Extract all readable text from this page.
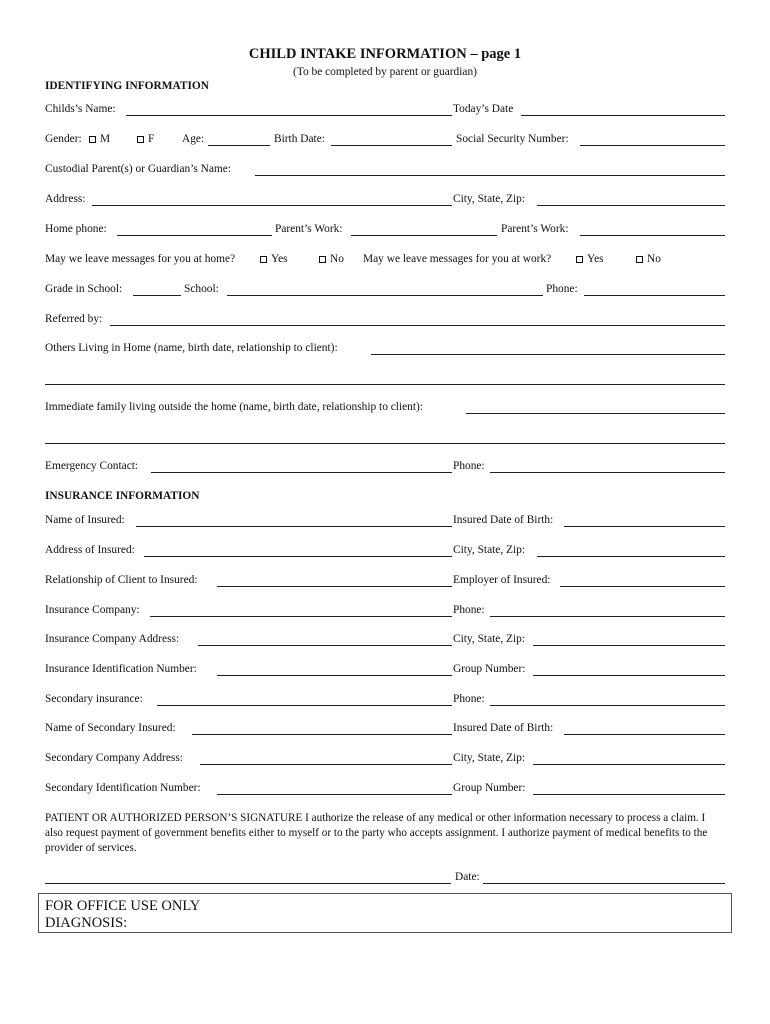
CHILD INTAKE INFORMATION – page 1
(To be completed by parent or guardian)
IDENTIFYING INFORMATION
Childs’s Name:	Today’s Date
Gender:	M	F Age:	Birth Date:	Social Security Number:
Custodial Parent(s) or Guardian’s Name:
Address:	City, State, Zip:
Home phone:	Parent’s Work:	Parent’s Work:
May we leave messages for you at home?	Yes	No May we leave messages for you at work?	Yes	No
Grade in School:	School:	Phone:
Referred by:
Others Living in Home (name, birth date, relationship to client):
Immediate family living outside the home (name, birth date, relationship to client):
Emergency Contact:	Phone:
INSURANCE INFORMATION
Name of Insured:	Insured Date of Birth:
Address of Insured:	City, State, Zip:
Relationship of Client to Insured:	Employer of Insured:
Insurance Company:	Phone:
Insurance Company Address:	City, State, Zip:
Insurance Identification Number:	Group Number:
Secondary insurance:	Phone:
Name of Secondary Insured:	Insured Date of Birth:
Secondary Company Address:	City, State, Zip:
Secondary Identification Number:	Group Number:
PATIENT OR AUTHORIZED PERSON’S SIGNATURE I authorize the release of any medical or other information necessary to process a claim. I also request payment of government benefits either to myself or to the party who accepts assignment. I authorize payment of medical benefits to the provider of services.
Date:
FOR OFFICE USE ONLY
DIAGNOSIS:
